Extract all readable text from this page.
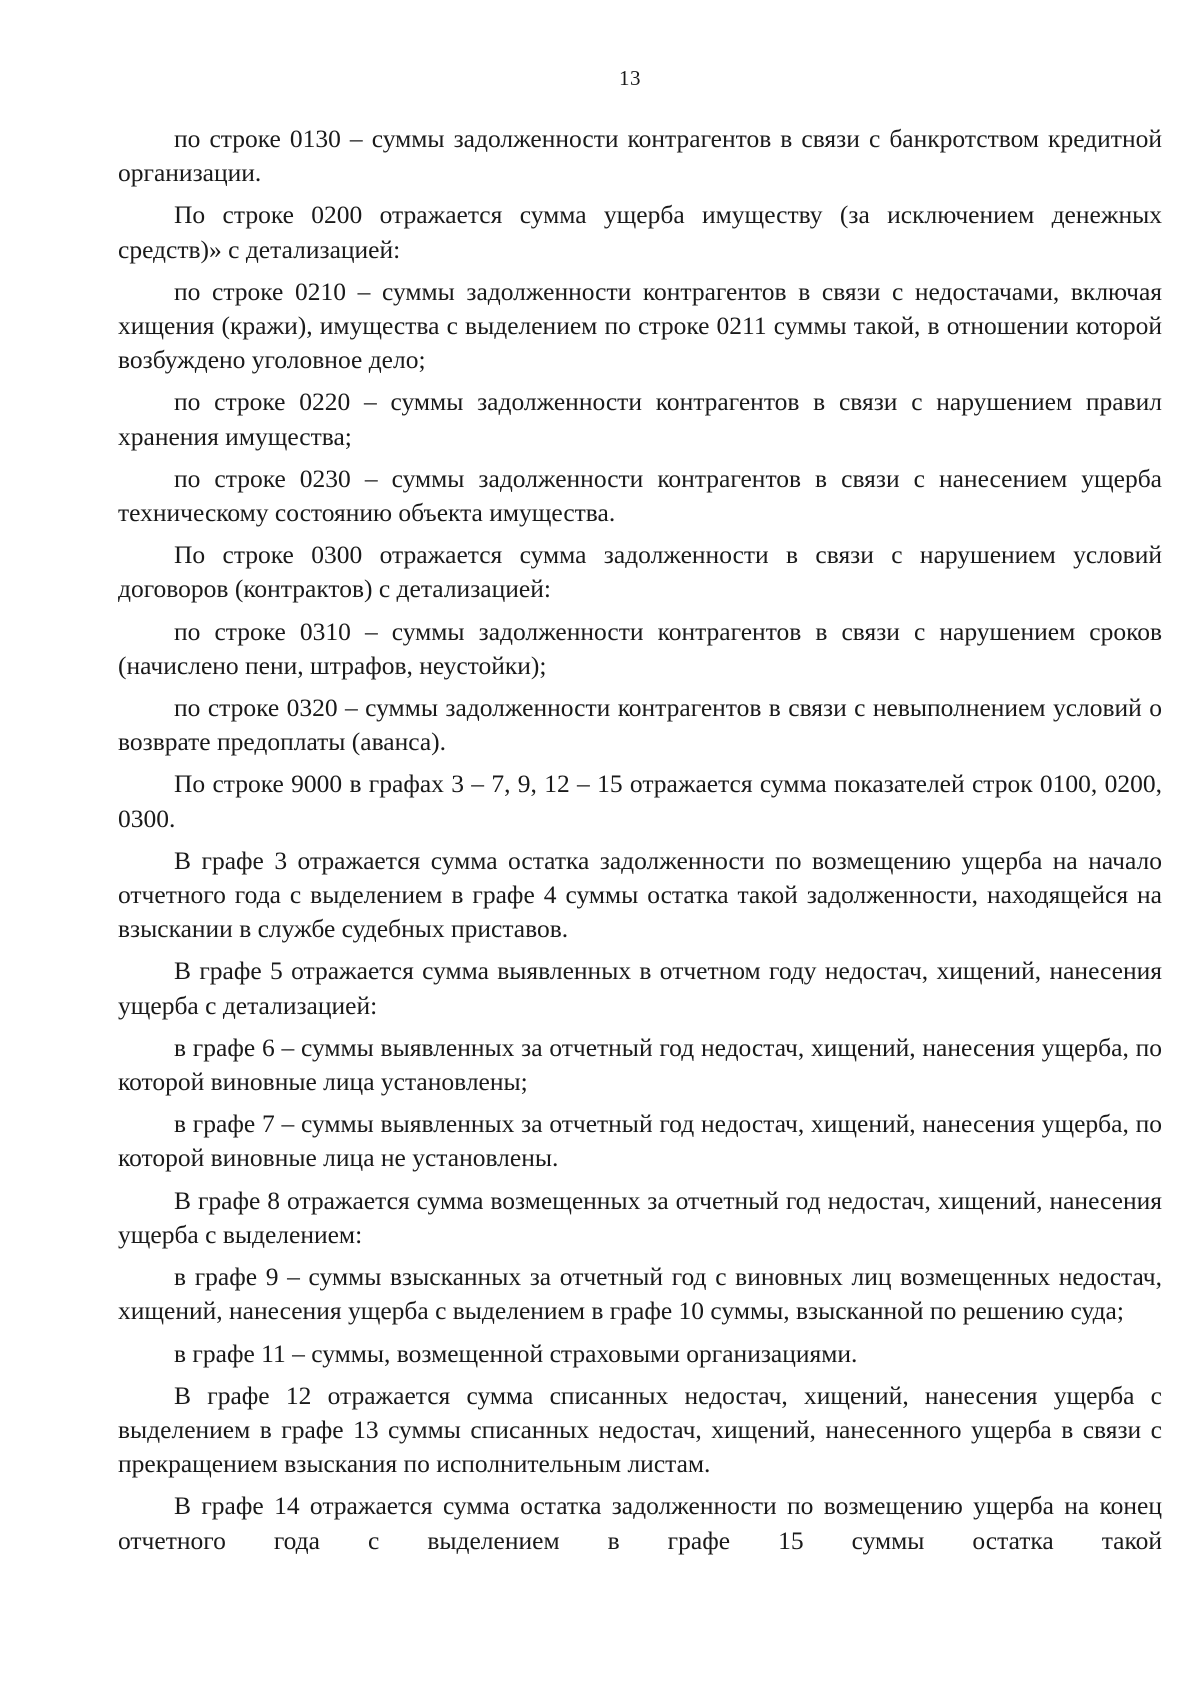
13

по строке 0130 – суммы задолженности контрагентов в связи с банкротством кредитной организации.

По строке 0200 отражается сумма ущерба имуществу (за исключением денежных средств)» с детализацией:

по строке 0210 – суммы задолженности контрагентов в связи с недостачами, включая хищения (кражи), имущества с выделением по строке 0211 суммы такой, в отношении которой возбуждено уголовное дело;

по строке 0220 – суммы задолженности контрагентов в связи с нарушением правил хранения имущества;

по строке 0230 – суммы задолженности контрагентов в связи с нанесением ущерба техническому состоянию объекта имущества.

По строке 0300 отражается сумма задолженности в связи с нарушением условий договоров (контрактов) с детализацией:

по строке 0310 – суммы задолженности контрагентов в связи с нарушением сроков (начислено пени, штрафов, неустойки);

по строке 0320 – суммы задолженности контрагентов в связи с невыполнением условий о возврате предоплаты (аванса).

По строке 9000 в графах 3 – 7, 9, 12 – 15 отражается сумма показателей строк 0100, 0200, 0300.

В графе 3 отражается сумма остатка задолженности по возмещению ущерба на начало отчетного года с выделением в графе 4 суммы остатка такой задолженности, находящейся на взыскании в службе судебных приставов.

В графе 5 отражается сумма выявленных в отчетном году недостач, хищений, нанесения ущерба с детализацией:

в графе 6 – суммы выявленных за отчетный год недостач, хищений, нанесения ущерба, по которой виновные лица установлены;

в графе 7 – суммы выявленных за отчетный год недостач, хищений, нанесения ущерба, по которой виновные лица не установлены.

В графе 8 отражается сумма возмещенных за отчетный год недостач, хищений, нанесения ущерба с выделением:

в графе 9 – суммы взысканных за отчетный год с виновных лиц возмещенных недостач, хищений, нанесения ущерба с выделением в графе 10 суммы, взысканной по решению суда;

в графе 11 – суммы, возмещенной страховыми организациями.

В графе 12 отражается сумма списанных недостач, хищений, нанесения ущерба с выделением в графе 13 суммы списанных недостач, хищений, нанесенного ущерба в связи с прекращением взыскания по исполнительным листам.

В графе 14 отражается сумма остатка задолженности по возмещению ущерба на конец отчетного года с выделением в графе 15 суммы остатка такой
